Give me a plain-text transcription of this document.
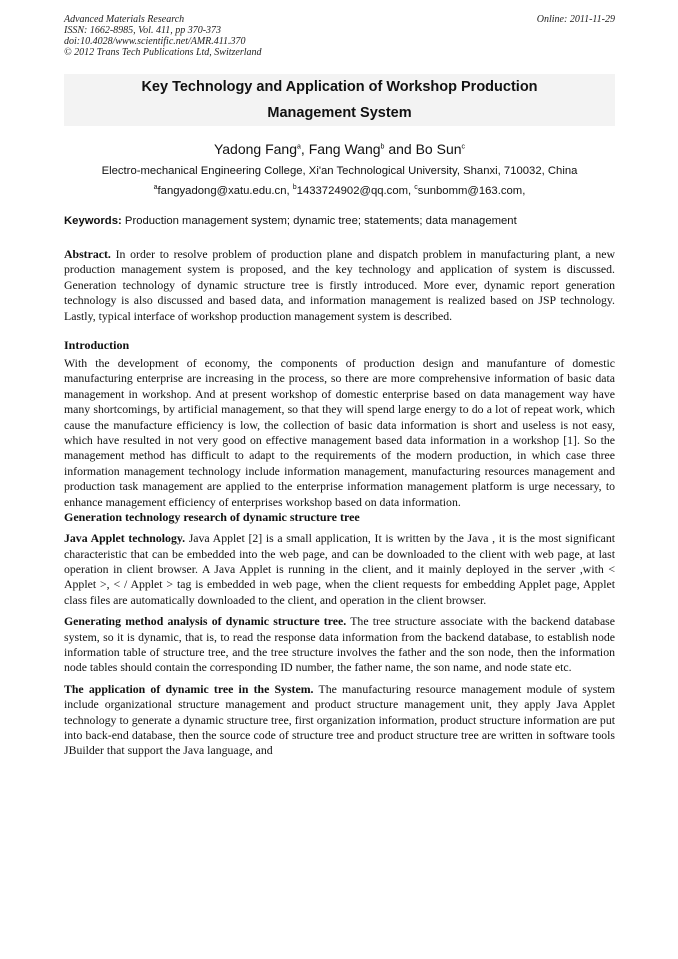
Advanced Materials Research
ISSN: 1662-8985, Vol. 411, pp 370-373
doi:10.4028/www.scientific.net/AMR.411.370
© 2012 Trans Tech Publications Ltd, Switzerland
Online: 2011-11-29
Key Technology and Application of Workshop Production
Management System
Yadong Fang$^a$, Fang Wang$^b$ and Bo Sun$^c$
Electro-mechanical Engineering College, Xi'an Technological University, Shanxi, 710032, China
$^a$fangyadong@xatu.edu.cn, $^b$1433724902@qq.com, $^c$sunbomm@163.com,
Keywords: Production management system; dynamic tree; statements; data management

Abstract. In order to resolve problem of production plane and dispatch problem in manufacturing plant, a new production management system is proposed, and the key technology and application of system is discussed. Generation technology of dynamic structure tree is firstly introduced. More ever, dynamic report generation technology is also discussed and based data, and information management is realized based on JSP technology. Lastly, typical interface of workshop production management system is described.

Introduction

With the development of economy, the components of production design and manufanture of domestic manufacturing enterprise are increasing in the process, so there are more comprehensive information of basic data management in workshop. And at present workshop of domestic enterprise based on data management way have many shortcomings, by artificial management, so that they will spend large energy to do a lot of repeat work, which cause the manufacture efficiency is low, the collection of basic data information is short and useless is not easy, which have resulted in not very good on effective management based data information in a workshop [1]. So the management method has difficult to adapt to the requirements of the modern production, in which case three information management technology include information management, manufacturing resources management and production task management are applied to the enterprise information management platform is urge necessary, to enhance management efficiency of enterprises workshop based on data information.

Generation technology research of dynamic structure tree

Java Applet technology. Java Applet [2] is a small application, It is written by the Java , it is the most significant characteristic that can be embedded into the web page, and can be downloaded to the client with web page, at last operation in client browser. A Java Applet is running in the client, and it mainly deployed in the server ,with < Applet >, < / Applet > tag is embedded in web page, when the client requests for embedding Applet page, Applet class files are automatically downloaded to the client, and operation in the client browser.

Generating method analysis of dynamic structure tree. The tree structure associate with the backend database system, so it is dynamic, that is, to read the response data information from the backend database, to establish node information table of structure tree, and the tree structure involves the father and the son node, then the information node tables should contain the corresponding ID number, the father name, the son name, and node state etc.

The application of dynamic tree in the System. The manufacturing resource management module of system include organizational structure management and product structure management unit, they apply Java Applet technology to generate a dynamic structure tree, first organization information, product structure information are put into back-end database, then the source code of structure tree and product structure tree are written in software tools JBuilder that support the Java language, and
